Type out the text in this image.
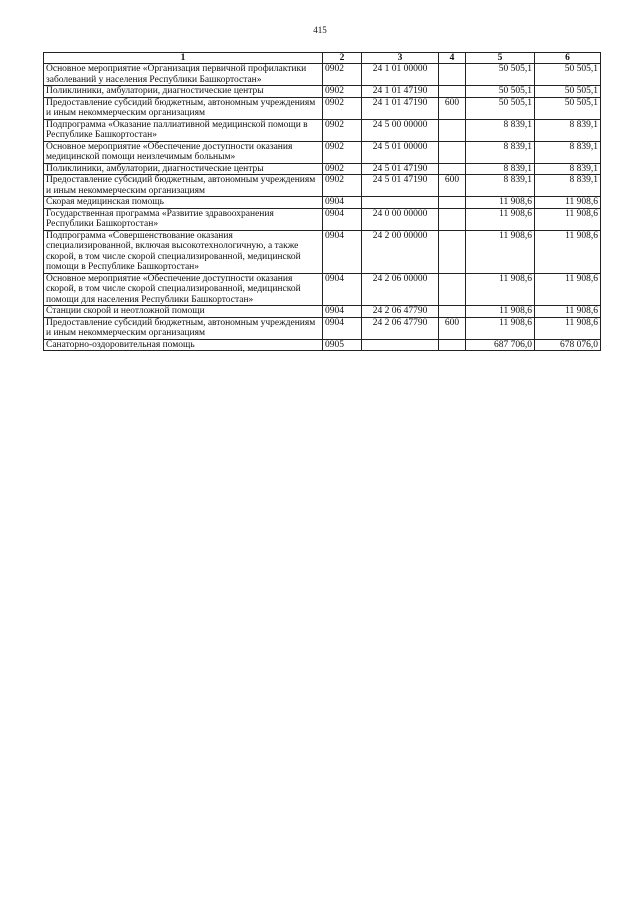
415
1	2	3	4	5	6
Основное мероприятие «Организация первичной профилактики заболеваний у населения Республики Башкортостан»	0902	24 1 01 00000		50 505,1	50 505,1
Поликлиники, амбулатории, диагностические центры	0902	24 1 01 47190		50 505,1	50 505,1
Предоставление субсидий бюджетным, автономным учреждениям и иным некоммерческим организациям	0902	24 1 01 47190	600	50 505,1	50 505,1
Подпрограмма «Оказание паллиативной медицинской помощи в Республике Башкортостан»	0902	24 5 00 00000		8 839,1	8 839,1
Основное мероприятие «Обеспечение доступности оказания медицинской помощи неизлечимым больным»	0902	24 5 01 00000		8 839,1	8 839,1
Поликлиники, амбулатории, диагностические центры	0902	24 5 01 47190		8 839,1	8 839,1
Предоставление субсидий бюджетным, автономным учреждениям и иным некоммерческим организациям	0902	24 5 01 47190	600	8 839,1	8 839,1
Скорая медицинская помощь	0904			11 908,6	11 908,6
Государственная программа «Развитие здравоохранения Республики Башкортостан»	0904	24 0 00 00000		11 908,6	11 908,6
Подпрограмма «Совершенствование оказания специализированной, включая высокотехнологичную, а также скорой, в том числе скорой специализированной, медицинской помощи в Республике Башкортостан»	0904	24 2 00 00000		11 908,6	11 908,6
Основное мероприятие «Обеспечение доступности оказания скорой, в том числе скорой специализированной, медицинской помощи для населения Республики Башкортостан»	0904	24 2 06 00000		11 908,6	11 908,6
Станции скорой и неотложной помощи	0904	24 2 06 47790		11 908,6	11 908,6
Предоставление субсидий бюджетным, автономным учреждениям и иным некоммерческим организациям	0904	24 2 06 47790	600	11 908,6	11 908,6
Санаторно-оздоровительная помощь	0905			687 706,0	678 076,0
